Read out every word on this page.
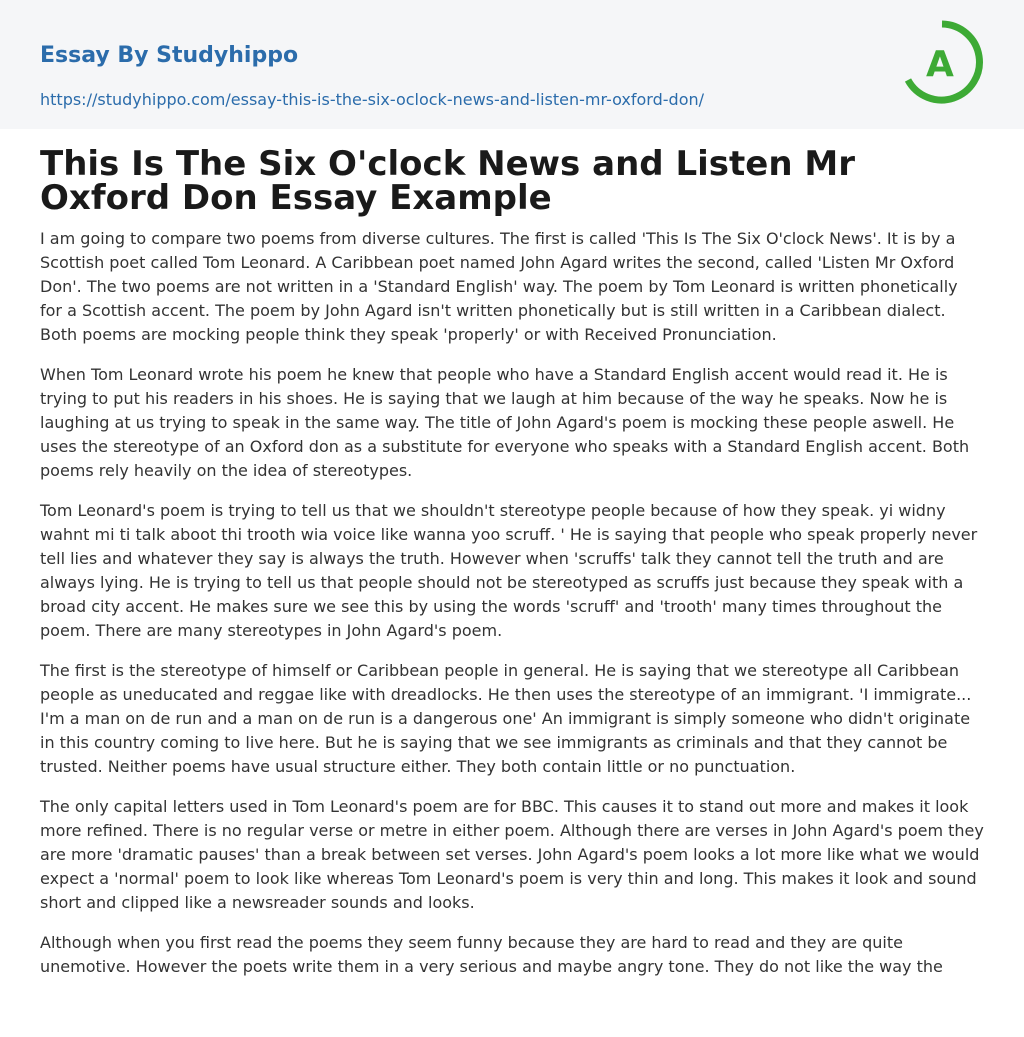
Essay By Studyhippo
https://studyhippo.com/essay-this-is-the-six-oclock-news-and-listen-mr-oxford-don/
A
This Is The Six O'clock News and Listen Mr Oxford Don Essay Example

I am going to compare two poems from diverse cultures. The first is called 'This Is The Six O'clock News'. It is by a Scottish poet called Tom Leonard. A Caribbean poet named John Agard writes the second, called 'Listen Mr Oxford Don'. The two poems are not written in a 'Standard English' way. The poem by Tom Leonard is written phonetically for a Scottish accent. The poem by John Agard isn't written phonetically but is still written in a Caribbean dialect. Both poems are mocking people think they speak 'properly' or with Received Pronunciation.

When Tom Leonard wrote his poem he knew that people who have a Standard English accent would read it. He is trying to put his readers in his shoes. He is saying that we laugh at him because of the way he speaks. Now he is laughing at us trying to speak in the same way. The title of John Agard's poem is mocking these people aswell. He uses the stereotype of an Oxford don as a substitute for everyone who speaks with a Standard English accent. Both poems rely heavily on the idea of stereotypes.

Tom Leonard's poem is trying to tell us that we shouldn't stereotype people because of how they speak. yi widny wahnt mi ti talk aboot thi trooth wia voice like wanna yoo scruff. ' He is saying that people who speak properly never tell lies and whatever they say is always the truth. However when 'scruffs' talk they cannot tell the truth and are always lying. He is trying to tell us that people should not be stereotyped as scruffs just because they speak with a broad city accent. He makes sure we see this by using the words 'scruff' and 'trooth' many times throughout the poem. There are many stereotypes in John Agard's poem.

The first is the stereotype of himself or Caribbean people in general. He is saying that we stereotype all Caribbean people as uneducated and reggae like with dreadlocks. He then uses the stereotype of an immigrant. 'I immigrate... I'm a man on de run and a man on de run is a dangerous one' An immigrant is simply someone who didn't originate in this country coming to live here. But he is saying that we see immigrants as criminals and that they cannot be trusted. Neither poems have usual structure either. They both contain little or no punctuation.

The only capital letters used in Tom Leonard's poem are for BBC. This causes it to stand out more and makes it look more refined. There is no regular verse or metre in either poem. Although there are verses in John Agard's poem they are more 'dramatic pauses' than a break between set verses. John Agard's poem looks a lot more like what we would expect a 'normal' poem to look like whereas Tom Leonard's poem is very thin and long. This makes it look and sound short and clipped like a newsreader sounds and looks.

Although when you first read the poems they seem funny because they are hard to read and they are quite unemotive. However the poets write them in a very serious and maybe angry tone. They do not like the way the
